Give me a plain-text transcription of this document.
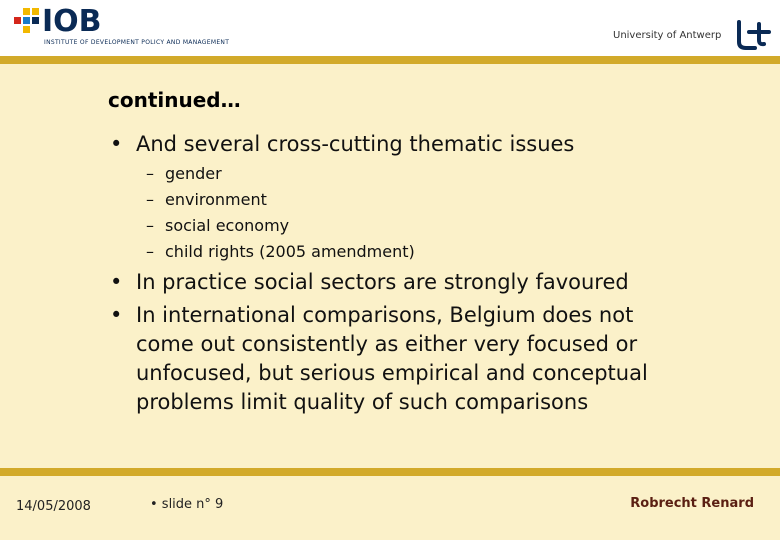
IOB
INSTITUTE OF DEVELOPMENT POLICY AND MANAGEMENT
University of Antwerp
continued…
• And several cross-cutting thematic issues
– gender
– environment
– social economy
– child rights (2005 amendment)
• In practice social sectors are strongly favoured
• In international comparisons, Belgium does not
come out consistently as either very focused or
unfocused, but serious empirical and conceptual
problems limit quality of such comparisons
14/05/2008	• slide n° 9	Robrecht Renard
